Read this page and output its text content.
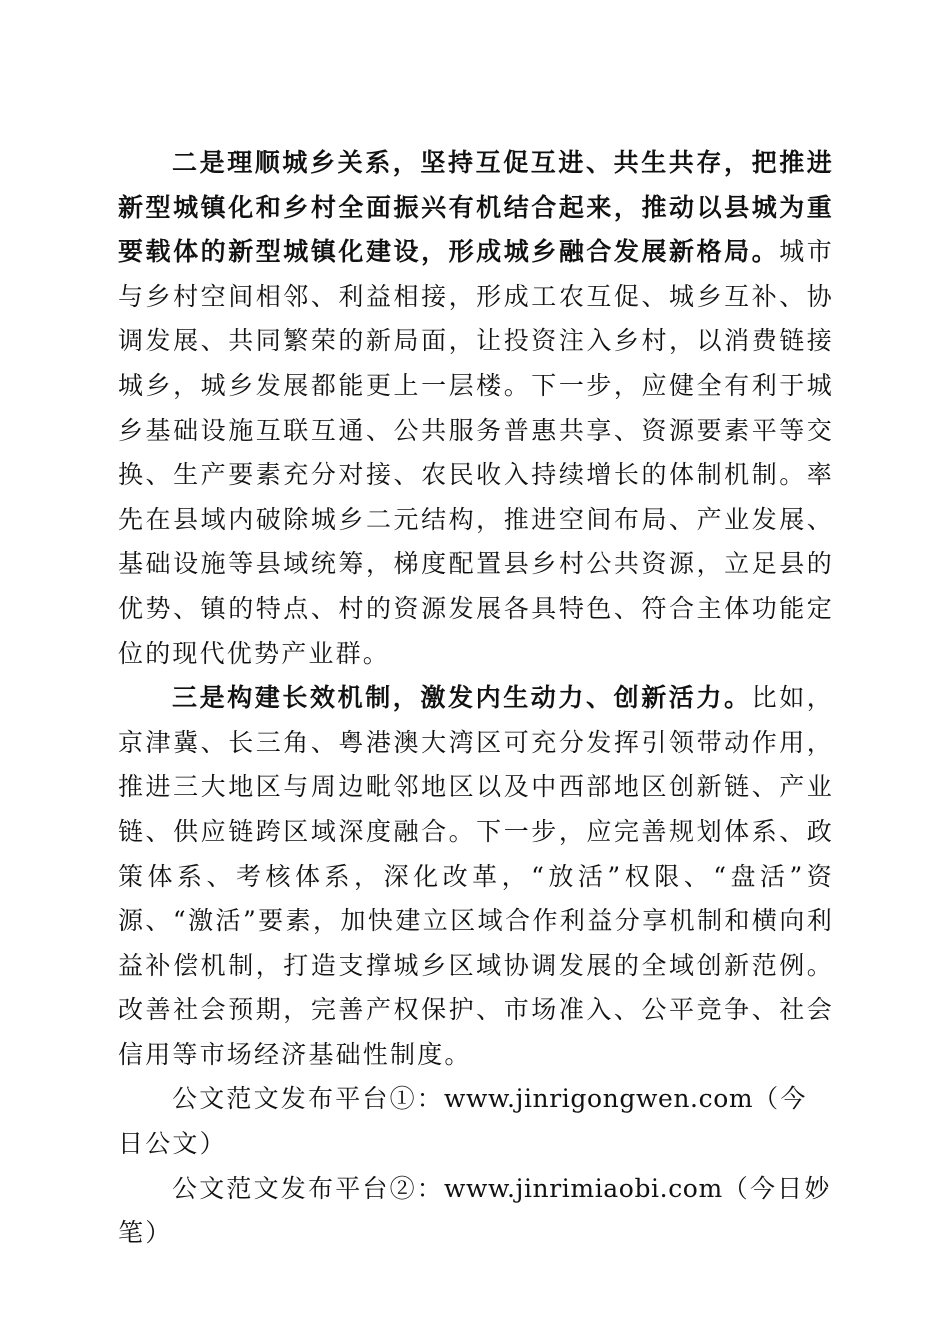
二是理顺城乡关系，坚持互促互进、共生共存，把推进新型城镇化和乡村全面振兴有机结合起来，推动以县城为重要载体的新型城镇化建设，形成城乡融合发展新格局。城市与乡村空间相邻、利益相接，形成工农互促、城乡互补、协调发展、共同繁荣的新局面，让投资注入乡村，以消费链接城乡，城乡发展都能更上一层楼。下一步，应健全有利于城乡基础设施互联互通、公共服务普惠共享、资源要素平等交换、生产要素充分对接、农民收入持续增长的体制机制。率先在县域内破除城乡二元结构，推进空间布局、产业发展、基础设施等县域统筹，梯度配置县乡村公共资源，立足县的优势、镇的特点、村的资源发展各具特色、符合主体功能定位的现代优势产业群。

三是构建长效机制，激发内生动力、创新活力。比如，京津冀、长三角、粤港澳大湾区可充分发挥引领带动作用，推进三大地区与周边毗邻地区以及中西部地区创新链、产业链、供应链跨区域深度融合。下一步，应完善规划体系、政策体系、考核体系，深化改革，“放活”权限、“盘活”资源、“激活”要素，加快建立区域合作利益分享机制和横向利益补偿机制，打造支撑城乡区域协调发展的全域创新范例。改善社会预期，完善产权保护、市场准入、公平竞争、社会信用等市场经济基础性制度。

公文范文发布平台①：www.jinrigongwen.com（今日公文）

公文范文发布平台②：www.jinrimiaobi.com（今日妙笔）
